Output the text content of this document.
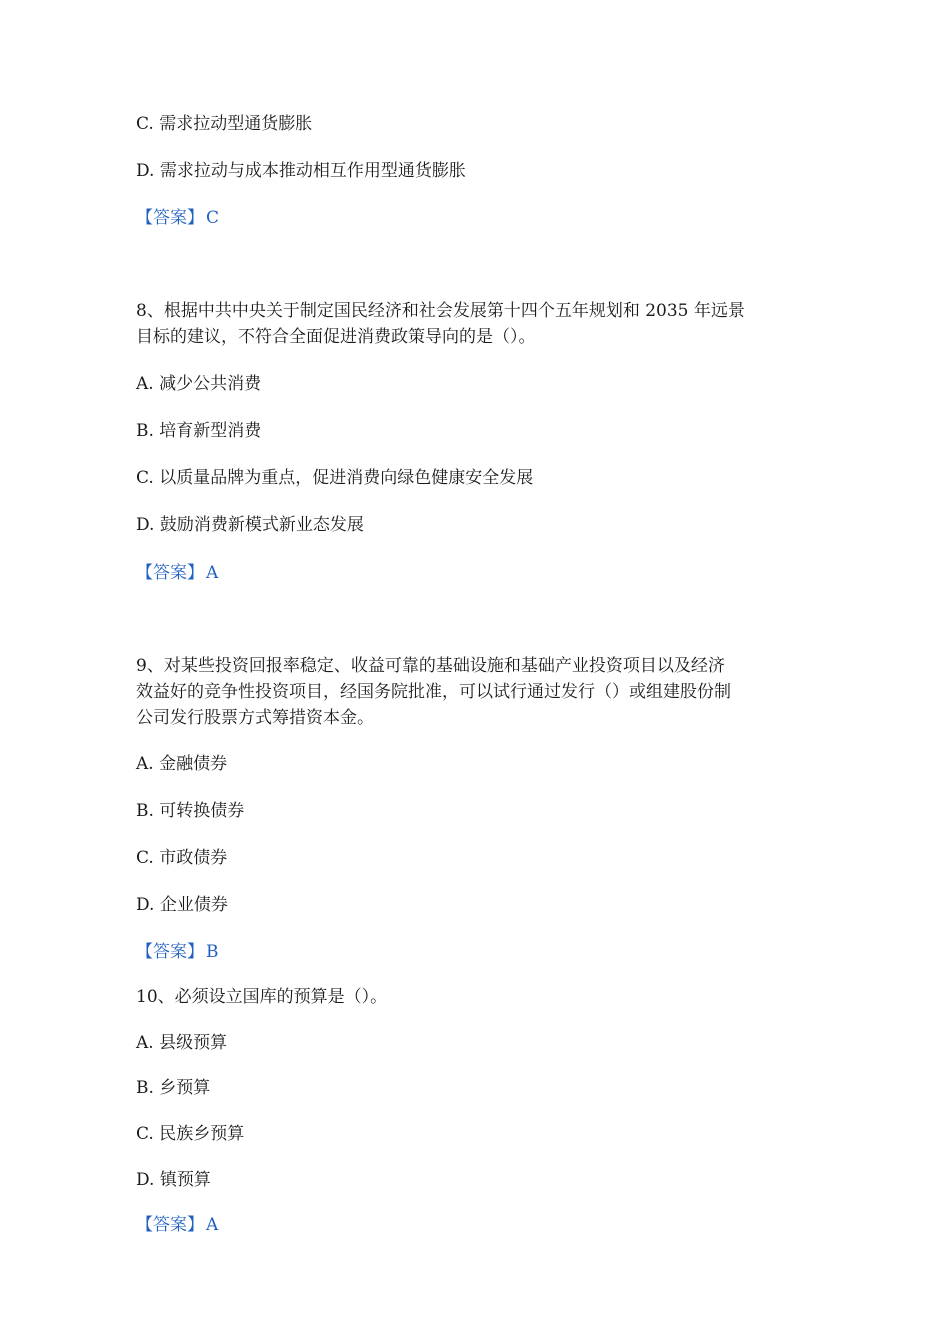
C. 需求拉动型通货膨胀
D. 需求拉动与成本推动相互作用型通货膨胀
【答案】 C
8、根据中共中央关于制定国民经济和社会发展第十四个五年规划和 2035 年远景
目标的建议，不符合全面促进消费政策导向的是（）。
A. 减少公共消费
B. 培育新型消费
C. 以质量品牌为重点，促进消费向绿色健康安全发展
D. 鼓励消费新模式新业态发展
【答案】 A
9、对某些投资回报率稳定、收益可靠的基础设施和基础产业投资项目以及经济
效益好的竞争性投资项目，经国务院批准，可以试行通过发行（）或组建股份制
公司发行股票方式筹措资本金。
A. 金融债券
B. 可转换债券
C. 市政债券
D. 企业债券
【答案】 B
10、必须设立国库的预算是（）。
A. 县级预算
B. 乡预算
C. 民族乡预算
D. 镇预算
【答案】 A
